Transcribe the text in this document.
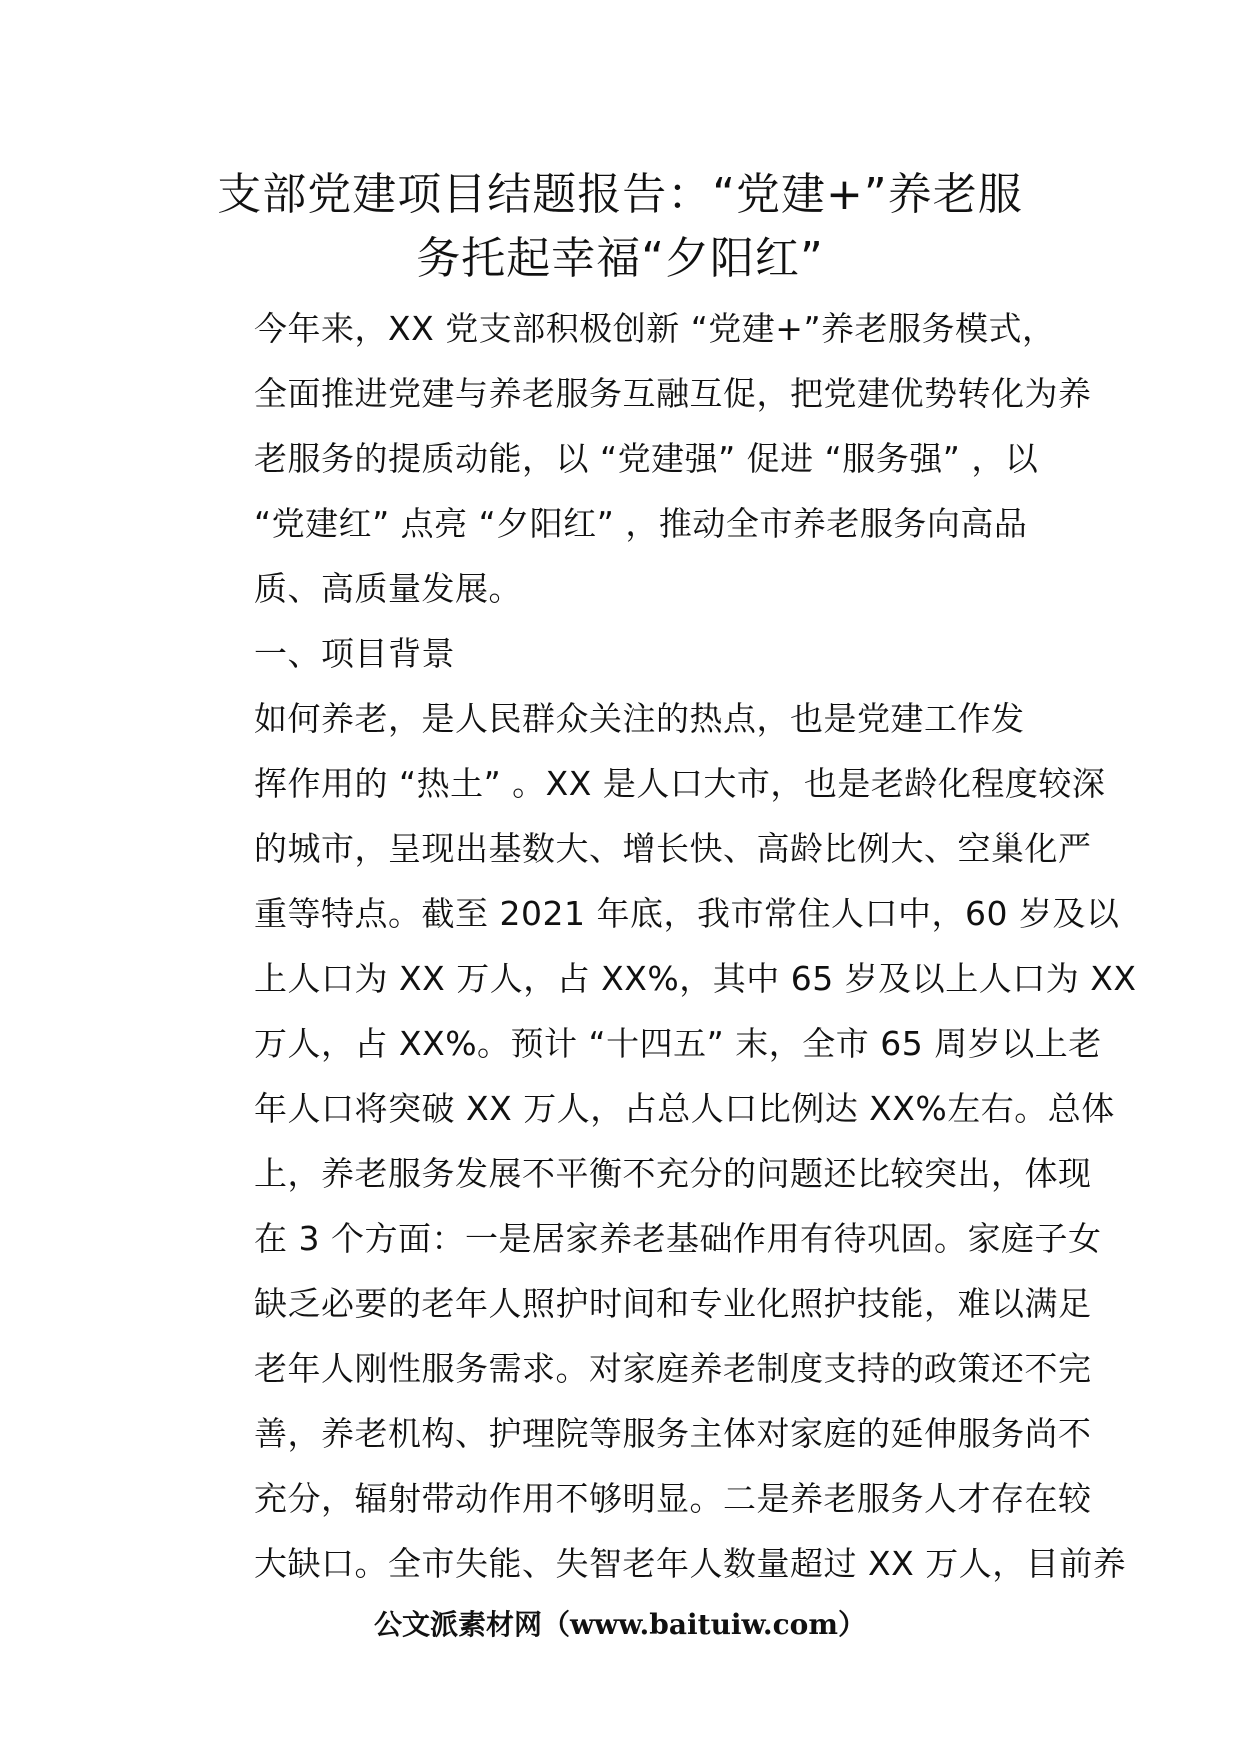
支部党建项目结题报告：“党建+”养老服
务托起幸福“夕阳红”

今年来，XX 党支部积极创新 “党建+”养老服务模式，
全面推进党建与养老服务互融互促，把党建优势转化为养
老服务的提质动能，以 “党建强” 促进 “服务强” ，以
“党建红” 点亮 “夕阳红” ，推动全市养老服务向高品
质、高质量发展。

一、项目背景

如何养老，是人民群众关注的热点，也是党建工作发
挥作用的 “热土” 。XX 是人口大市，也是老龄化程度较深
的城市，呈现出基数大、增长快、高龄比例大、空巢化严
重等特点。截至 2021 年底，我市常住人口中，60 岁及以
上人口为 XX 万人，占 XX%，其中 65 岁及以上人口为 XX
万人，占 XX%。预计 “十四五” 末，全市 65 周岁以上老
年人口将突破 XX 万人，占总人口比例达 XX%左右。总体
上，养老服务发展不平衡不充分的问题还比较突出，体现
在 3 个方面：一是居家养老基础作用有待巩固。家庭子女
缺乏必要的老年人照护时间和专业化照护技能，难以满足
老年人刚性服务需求。对家庭养老制度支持的政策还不完
善，养老机构、护理院等服务主体对家庭的延伸服务尚不
充分，辐射带动作用不够明显。二是养老服务人才存在较
大缺口。全市失能、失智老年人数量超过 XX 万人，目前养

公文派素材网（www.baituiw.com）
